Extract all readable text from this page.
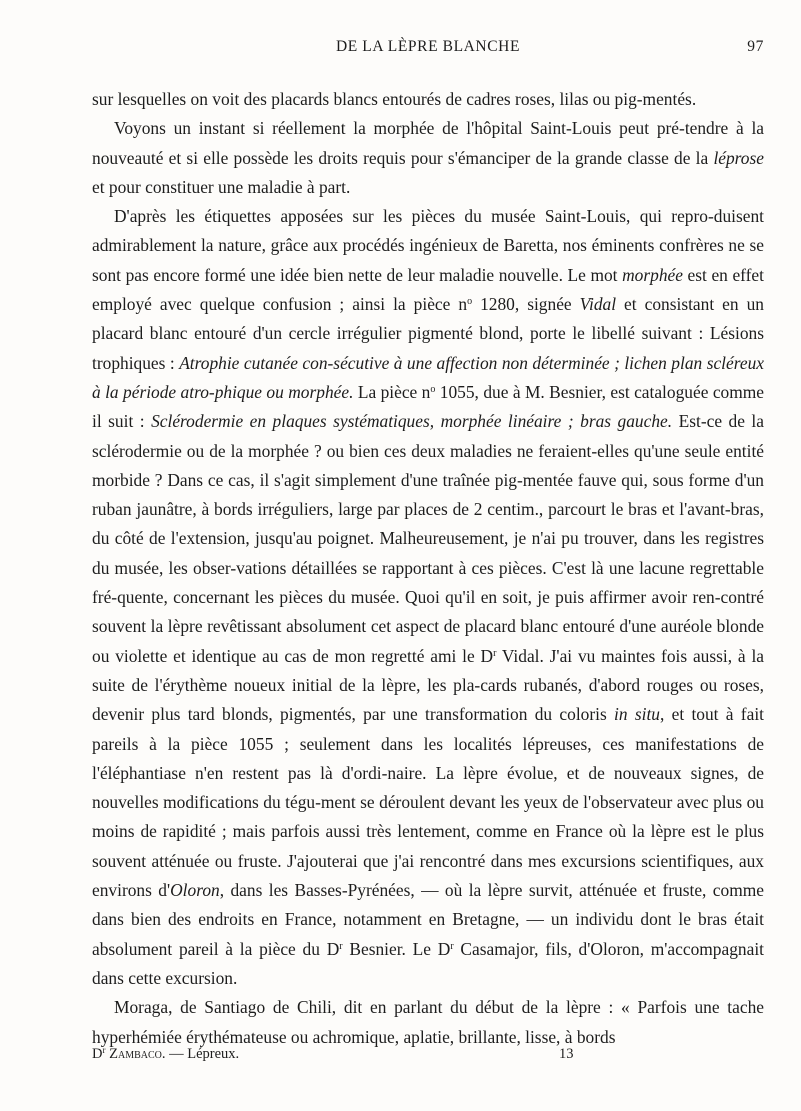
DE LA LÈPRE BLANCHE	97

sur lesquelles on voit des placards blancs entourés de cadres roses, lilas ou pig-mentés.

Voyons un instant si réellement la morphée de l'hôpital Saint-Louis peut pré-tendre à la nouveauté et si elle possède les droits requis pour s'émanciper de la grande classe de la léprose et pour constituer une maladie à part.

D'après les étiquettes apposées sur les pièces du musée Saint-Louis, qui repro-duisent admirablement la nature, grâce aux procédés ingénieux de Baretta, nos éminents confrères ne se sont pas encore formé une idée bien nette de leur maladie nouvelle. Le mot morphée est en effet employé avec quelque confusion ; ainsi la pièce $n^o$ 1280, signée Vidal et consistant en un placard blanc entouré d'un cercle irrégulier pigmenté blond, porte le libellé suivant : Lésions trophiques : Atrophie cutanée con-sécutive à une affection non déterminée ; lichen plan scléreux à la période atro-phique ou morphée. La pièce $n^o$ 1055, due à M. Besnier, est cataloguée comme il suit : Sclérodermie en plaques systématiques, morphée linéaire ; bras gauche. Est-ce de la sclérodermie ou de la morphée ? ou bien ces deux maladies ne feraient-elles qu'une seule entité morbide ? Dans ce cas, il s'agit simplement d'une traînée pig-mentée fauve qui, sous forme d'un ruban jaunâtre, à bords irréguliers, large par places de 2 centim., parcourt le bras et l'avant-bras, du côté de l'extension, jusqu'au poignet. Malheureusement, je n'ai pu trouver, dans les registres du musée, les obser-vations détaillées se rapportant à ces pièces. C'est là une lacune regrettable fré-quente, concernant les pièces du musée. Quoi qu'il en soit, je puis affirmer avoir ren-contré souvent la lèpre revêtissant absolument cet aspect de placard blanc entouré d'une auréole blonde ou violette et identique au cas de mon regretté ami le $D^r$ Vidal. J'ai vu maintes fois aussi, à la suite de l'érythème noueux initial de la lèpre, les pla-cards rubanés, d'abord rouges ou roses, devenir plus tard blonds, pigmentés, par une transformation du coloris in situ, et tout à fait pareils à la pièce 1055 ; seulement dans les localités lépreuses, ces manifestations de l'éléphantiase n'en restent pas là d'ordi-naire. La lèpre évolue, et de nouveaux signes, de nouvelles modifications du tégu-ment se déroulent devant les yeux de l'observateur avec plus ou moins de rapidité ; mais parfois aussi très lentement, comme en France où la lèpre est le plus souvent atténuée ou fruste. J'ajouterai que j'ai rencontré dans mes excursions scientifiques, aux environs d'Oloron, dans les Basses-Pyrénées, — où la lèpre survit, atténuée et fruste, comme dans bien des endroits en France, notamment en Bretagne, — un individu dont le bras était absolument pareil à la pièce du $D^r$ Besnier. Le $D^r$ Casamajor, fils, d'Oloron, m'accompagnait dans cette excursion.

Moraga, de Santiago de Chili, dit en parlant du début de la lèpre : « Parfois une tache hyperhémiée érythémateuse ou achromique, aplatie, brillante, lisse, à bords

$D^r$ Zambaco. — Lépreux.	13
